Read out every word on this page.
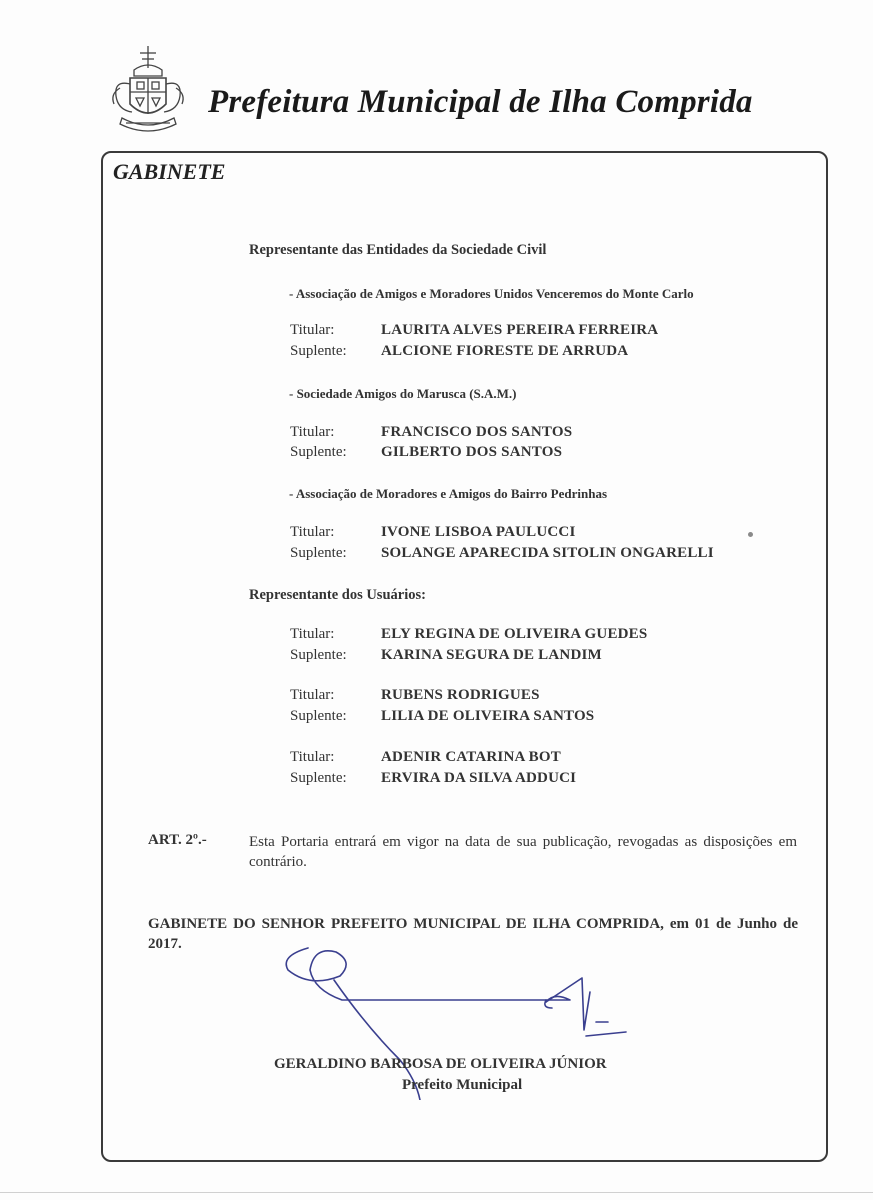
Prefeitura Municipal de Ilha Comprida
GABINETE
Representante das Entidades da Sociedade Civil
- Associação de Amigos e Moradores Unidos Venceremos do Monte Carlo
Titular:	LAURITA ALVES PEREIRA FERREIRA
Suplente: ALCIONE FIORESTE DE ARRUDA
- Sociedade Amigos do Marusca (S.A.M.)
Titular:	FRANCISCO DOS SANTOS
Suplente: GILBERTO DOS SANTOS
- Associação de Moradores e Amigos do Bairro Pedrinhas
Titular:	IVONE LISBOA PAULUCCI
Suplente: SOLANGE APARECIDA SITOLIN ONGARELLI
Representante dos Usuários:
Titular:	ELY REGINA DE OLIVEIRA GUEDES
Suplente: KARINA SEGURA DE LANDIM
Titular:	RUBENS RODRIGUES
Suplente: LILIA DE OLIVEIRA SANTOS
Titular:	ADENIR CATARINA BOT
Suplente: ERVIRA DA SILVA ADDUCI
ART. 2º.-	Esta Portaria entrará em vigor na data de sua publicação, revogadas as disposições em contrário.
GABINETE DO SENHOR PREFEITO MUNICIPAL DE ILHA COMPRIDA, em 01 de Junho de 2017.
GERALDINO BARBOSA DE OLIVEIRA JÚNIOR
Prefeito Municipal
